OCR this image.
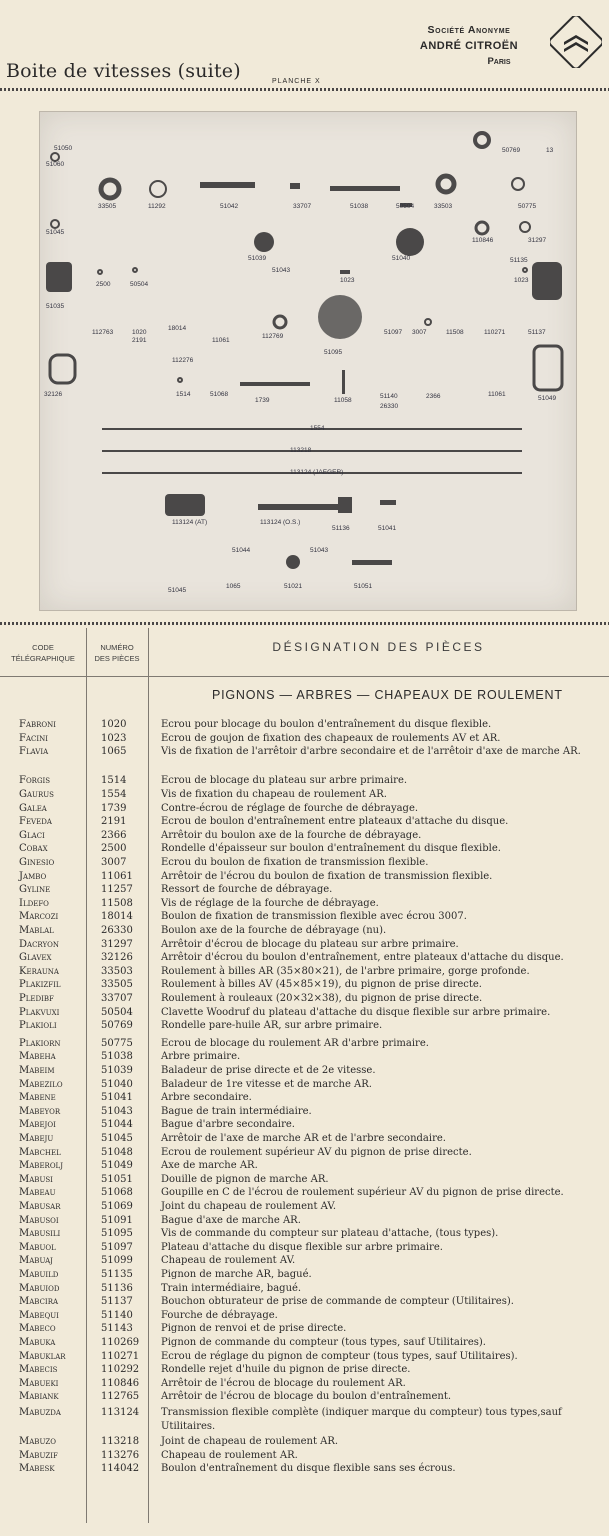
Boite de vitesses (suite)	PLANCHE X
Société Anonyme
ANDRÉ CITROËN
Paris
51050	50769	13
51060
33505	11292	51042	33707	51038	50504	33503	50775
51045
110846	31297
51039	51040
1023
2500	50504
1023
51035
112763	1020
2191
18014
11061
112769
51095
51097 3007	11508	110271	51137
112276
32126	1514	51068
1739	11058
51140
26330
2366	11061
51049
1554
113218
113124 (JAEGER)
113124 (AT)	113124 (O.S.)
51136	51041
51044	51043
51045
1065	51021	51051
51135
51043
CODE
TÉLÉGRAPHIQUE
NUMÉRO
DES PIÈCES
DÉSIGNATION DES PIÈCES
PIGNONS — ARBRES — CHAPEAUX DE ROULEMENT
Fabroni	1020	Ecrou pour blocage du boulon d'entraînement du disque flexible.
Facini	1023	Ecrou de goujon de fixation des chapeaux de roulements AV et AR.
Flavia	1065	Vis de fixation de l'arrêtoir d'arbre secondaire et de l'arrêtoir d'axe de marche AR.
Forgis	1514	Ecrou de blocage du plateau sur arbre primaire.
Gaurus	1554	Vis de fixation du chapeau de roulement AR.
Galea	1739	Contre-écrou de réglage de fourche de débrayage.
Feveda	2191	Ecrou de boulon d'entraînement entre plateaux d'attache du disque.
Glaci	2366	Arrêtoir du boulon axe de la fourche de débrayage.
Cobax	2500	Rondelle d'épaisseur sur boulon d'entraînement du disque flexible.
Ginesio	3007	Ecrou du boulon de fixation de transmission flexible.
Jambo	11061	Arrêtoir de l'écrou du boulon de fixation de transmission flexible.
Gyline	11257	Ressort de fourche de débrayage.
Ildefo	11508	Vis de réglage de la fourche de débrayage.
Marcozi	18014	Boulon de fixation de transmission flexible avec écrou 3007.
Mablal	26330	Boulon axe de la fourche de débrayage (nu).
Dacryon	31297	Arrêtoir d'écrou de blocage du plateau sur arbre primaire.
Glavex	32126	Arrêtoir d'écrou du boulon d'entraînement, entre plateaux d'attache du disque.
Kerauna	33503	Roulement à billes AR (35×80×21), de l'arbre primaire, gorge profonde.
Plakizfil	33505	Roulement à billes AV (45×85×19), du pignon de prise directe.
Pledibf	33707	Roulement à rouleaux (20×32×38), du pignon de prise directe.
Plakvuxi	50504	Clavette Woodruf du plateau d'attache du disque flexible sur arbre primaire.
Plakioli	50769	Rondelle pare-huile AR, sur arbre primaire.
Plakiorn	50775	Ecrou de blocage du roulement AR d'arbre primaire.
Mabeha	51038	Arbre primaire.
Mabeim	51039	Baladeur de prise directe et de 2e vitesse.
Mabezilo	51040	Baladeur de 1re vitesse et de marche AR.
Mabene	51041	Arbre secondaire.
Mabeyor	51043	Bague de train intermédiaire.
Mabejoi	51044	Bague d'arbre secondaire.
Mabeju	51045	Arrêtoir de l'axe de marche AR et de l'arbre secondaire.
Mabchel	51048	Ecrou de roulement supérieur AV du pignon de prise directe.
Maberolj	51049	Axe de marche AR.
Mabusi	51051	Douille de pignon de marche AR.
Mabeau	51068	Goupille en C de l'écrou de roulement supérieur AV du pignon de prise directe.
Mabusar	51069	Joint du chapeau de roulement AV.
Mabusoi	51091	Bague d'axe de marche AR.
Mabusili	51095	Vis de commande du compteur sur plateau d'attache, (tous types).
Mabuol	51097	Plateau d'attache du disque flexible sur arbre primaire.
Mabuaj	51099	Chapeau de roulement AV.
Mabuild	51135	Pignon de marche AR, bagué.
Mabuiod	51136	Train intermédiaire, bagué.
Mabcira	51137	Bouchon obturateur de prise de commande de compteur (Utilitaires).
Mabequi	51140	Fourche de débrayage.
Mabeco	51143	Pignon de renvoi et de prise directe.
Mabuka	110269 Pignon de commande du compteur (tous types, sauf Utilitaires).
Mabuklar	110271 Ecrou de réglage du pignon de compteur (tous types, sauf Utilitaires).
Mabecis	110292 Rondelle rejet d'huile du pignon de prise directe.
Mabueki	110846 Arrêtoir de l'écrou de blocage du roulement AR.
Mabiank	112765 Arrêtoir de l'écrou de blocage du boulon d'entraînement.
Mabuzda	113124 Transmission flexible complète (indiquer marque du compteur) tous types,sauf Utilitaires.
Mabuzo	113218 Joint de chapeau de roulement AR.
Mabuzif	113276 Chapeau de roulement AR.
Mabesk	114042 Boulon d'entraînement du disque flexible sans ses écrous.
